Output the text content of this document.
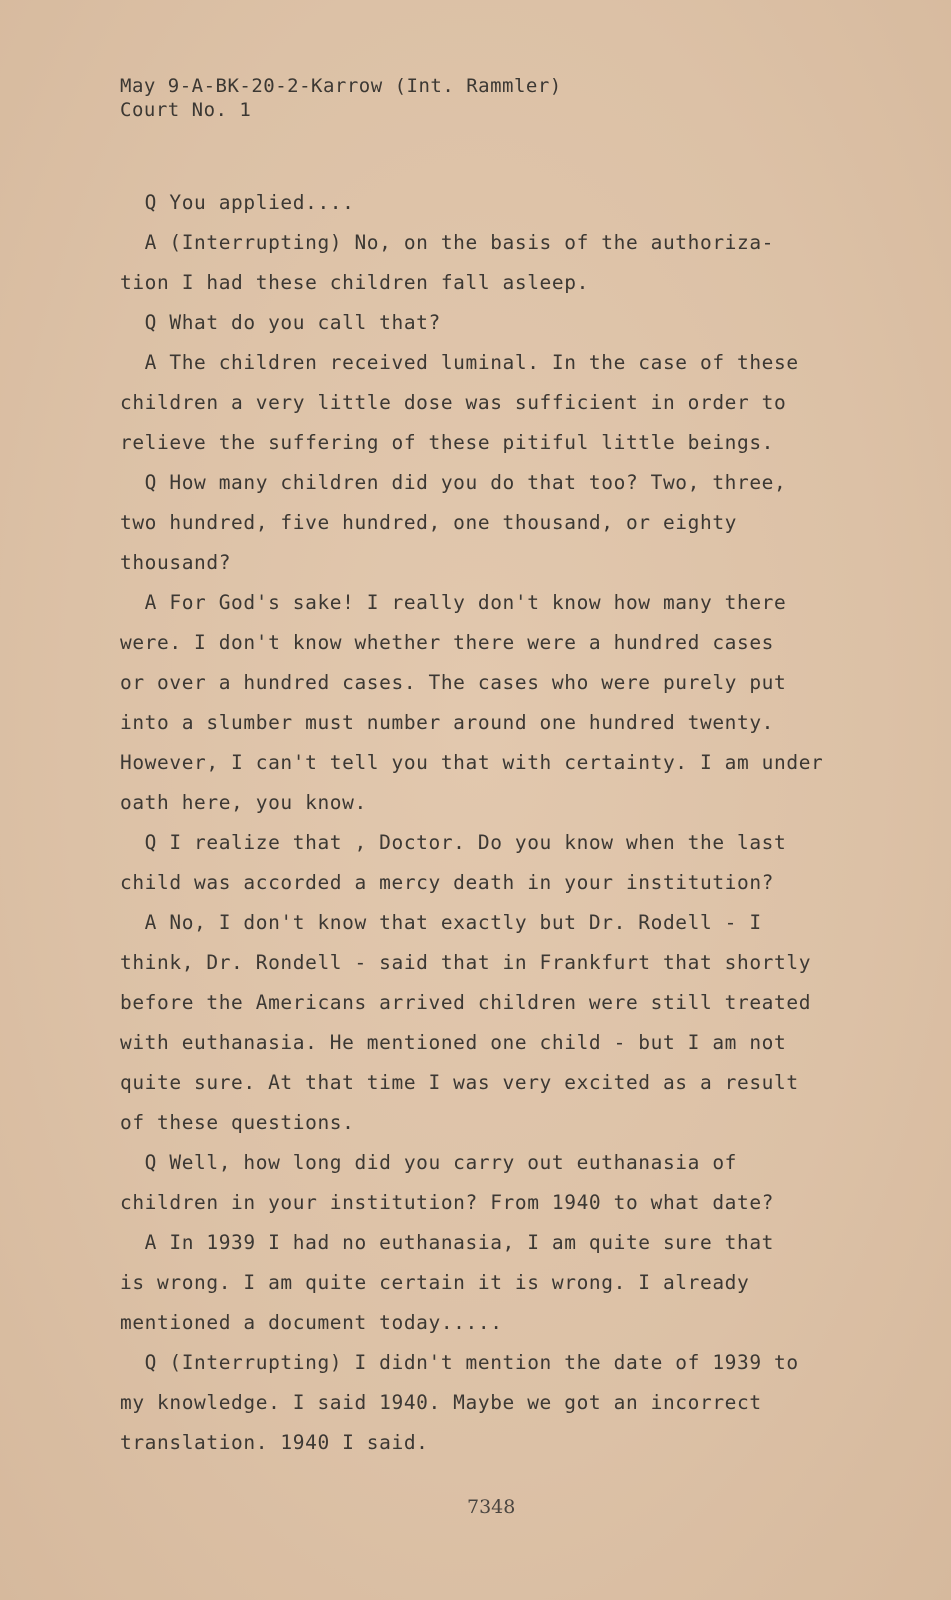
May 9-A-BK-20-2-Karrow (Int. Rammler)
Court No. 1
Q You applied....
A (Interrupting) No, on the basis of the authoriza-
tion I had these children fall asleep.
Q What do you call that?
A The children received luminal. In the case of these
children a very little dose was sufficient in order to
relieve the suffering of these pitiful little beings.
Q How many children did you do that too? Two, three,
two hundred, five hundred, one thousand, or eighty
thousand?
A For God's sake! I really don't know how many there
were. I don't know whether there were a hundred cases
or over a hundred cases. The cases who were purely put
into a slumber must number around one hundred twenty.
However, I can't tell you that with certainty. I am under
oath here, you know.
Q I realize that , Doctor. Do you know when the last
child was accorded a mercy death in your institution?
A No, I don't know that exactly but Dr. Rodell - I
think, Dr. Rondell - said that in Frankfurt that shortly
before the Americans arrived children were still treated
with euthanasia. He mentioned one child - but I am not
quite sure. At that time I was very excited as a result
of these questions.
Q Well, how long did you carry out euthanasia of
children in your institution? From 1940 to what date?
A In 1939 I had no euthanasia, I am quite sure that
is wrong. I am quite certain it is wrong. I already
mentioned a document today.....
Q (Interrupting) I didn't mention the date of 1939 to
my knowledge. I said 1940. Maybe we got an incorrect
translation. 1940 I said.
7348
